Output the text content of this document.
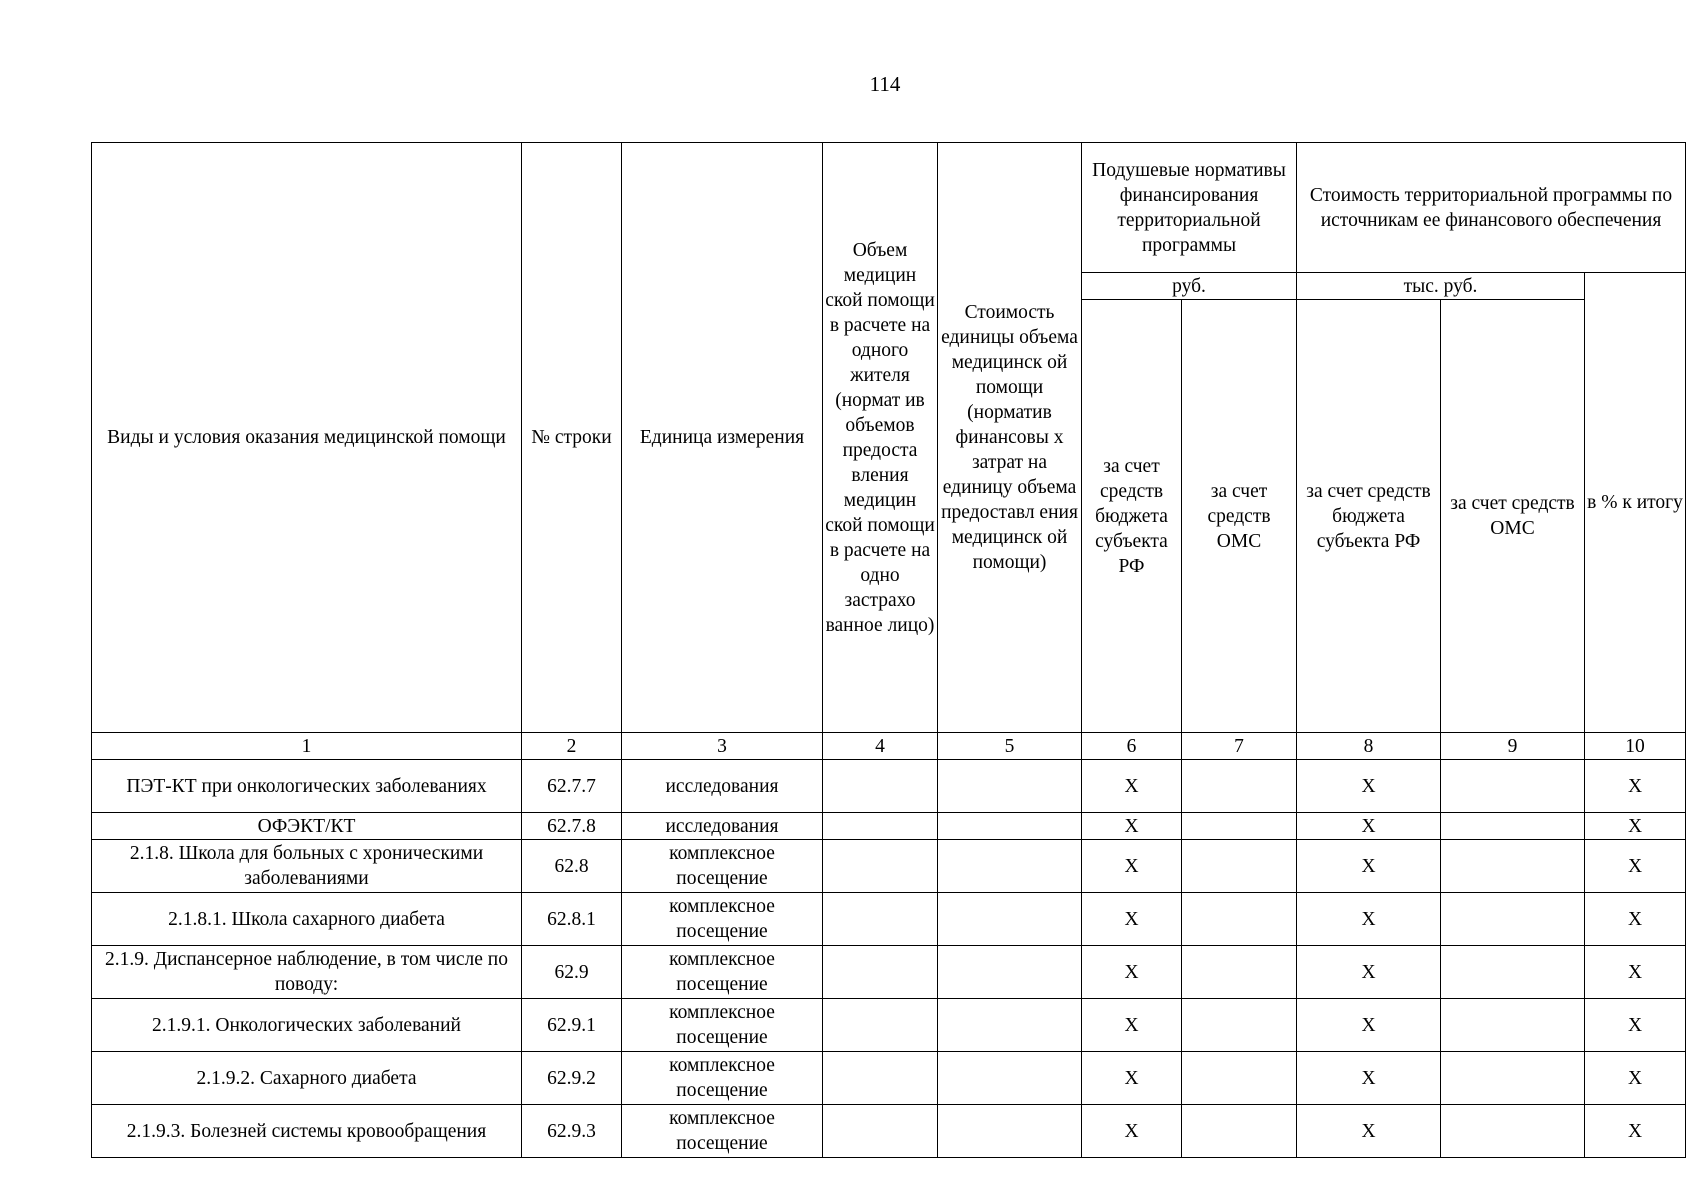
114
Виды и условия оказания медицинской помощи	№ строки	Единица измерения	Объем медицин ской помощи в расчете на одного жителя (нормат ив объемов предоста вления медицин ской помощи в расчете на одно застрахо ванное лицо)	Стоимость единицы объема медицинск ой помощи (норматив финансовы х затрат на единицу объема предоставл ения медицинск ой помощи)	Подушевые нормативы финансирования территориальной программы		Стоимость территориальной программы по источникам ее финансового обеспечения		
					руб.		тыс. руб.		в % к итогу
					за счет средств бюджета субъекта РФ	за счет средств ОМС	за счет средств бюджета субъекта РФ	за счет средств ОМС	
1	2	3	4	5	6	7	8	9	10
ПЭТ-КТ при онкологических заболеваниях	62.7.7	исследования			Х		Х		Х
ОФЭКТ/КТ	62.7.8	исследования			Х		Х		Х
2.1.8. Школа для больных с хроническими заболеваниями	62.8	комплексное посещение			Х		Х		Х
2.1.8.1. Школа сахарного диабета	62.8.1	комплексное посещение			Х		Х		Х
2.1.9. Диспансерное наблюдение, в том числе по поводу:	62.9	комплексное посещение			Х		Х		Х
2.1.9.1. Онкологических заболеваний	62.9.1	комплексное посещение			Х		Х		Х
2.1.9.2. Сахарного диабета	62.9.2	комплексное посещение			Х		Х		Х
2.1.9.3. Болезней системы кровообращения	62.9.3	комплексное посещение			Х		Х		Х
